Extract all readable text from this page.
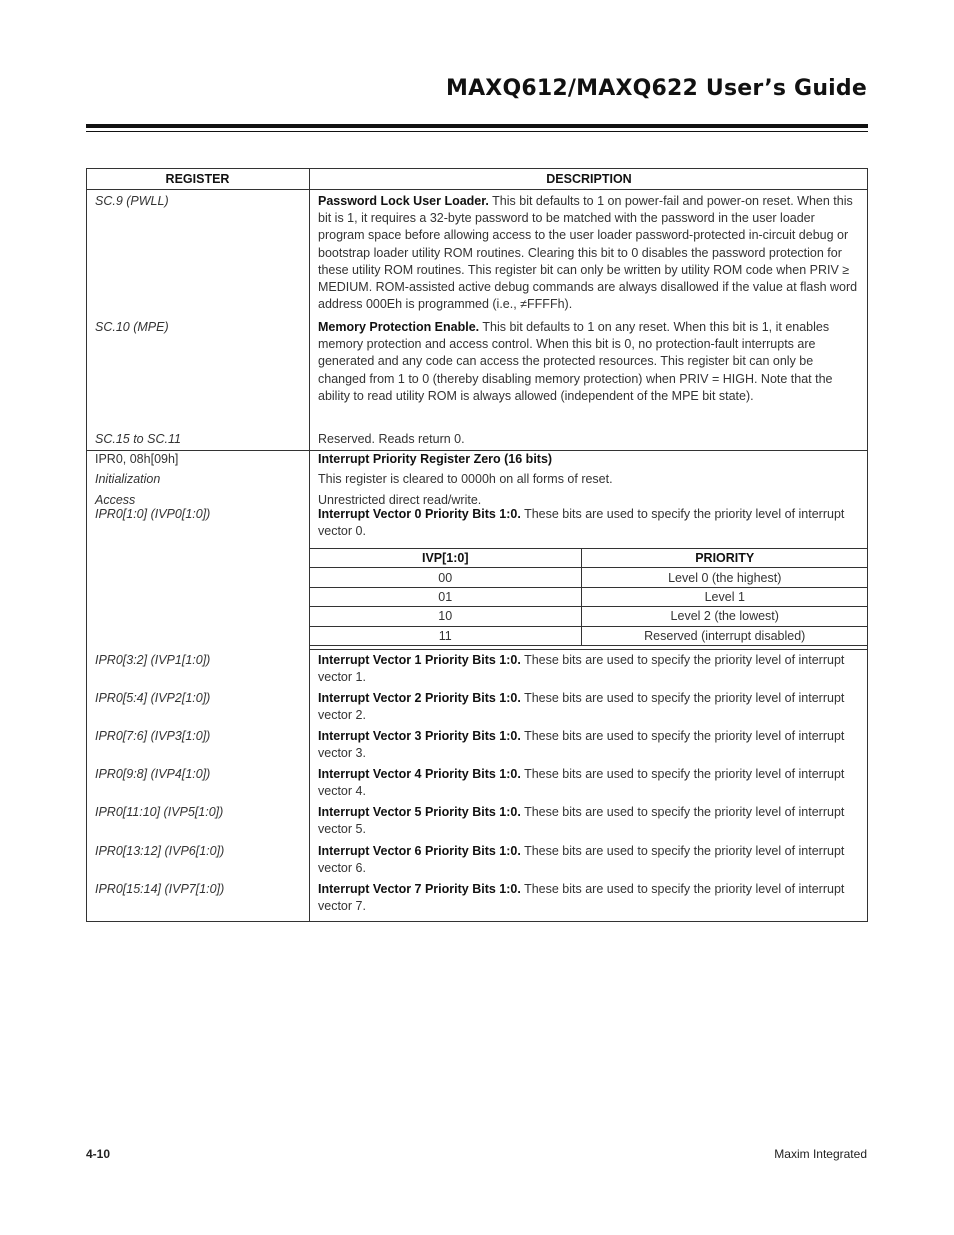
MAXQ612/MAXQ622 User’s Guide
REGISTER	DESCRIPTION
SC.9 (PWLL)	Password Lock User Loader. This bit defaults to 1 on power-fail and power-on reset. When this bit is 1, it requires a 32-byte password to be matched with the password in the user loader program space before allowing access to the user loader password-protected in-circuit debug or bootstrap loader utility ROM routines. Clearing this bit to 0 disables the password protection for these utility ROM routines. This register bit can only be written by utility ROM code when PRIV ≥ MEDIUM. ROM-assisted active debug commands are always disallowed if the value at flash word address 000Eh is programmed (i.e., ≠FFFFh).
SC.10 (MPE)	Memory Protection Enable. This bit defaults to 1 on any reset. When this bit is 1, it enables memory protection and access control. When this bit is 0, no protection-fault interrupts are generated and any code can access the protected resources. This register bit can only be changed from 1 to 0 (thereby disabling memory protection) when PRIV = HIGH. Note that the ability to read utility ROM is always allowed (independent of the MPE bit state).
SC.15 to SC.11	Reserved. Reads return 0.
IPR0, 08h[09h]	Interrupt Priority Register Zero (16 bits)
Initialization	This register is cleared to 0000h on all forms of reset.
Access	Unrestricted direct read/write.
IPR0[1:0] (IVP0[1:0])	Interrupt Vector 0 Priority Bits 1:0. These bits are used to specify the priority level of interrupt vector 0.
IVP[1:0]	PRIORITY
00	Level 0 (the highest)
01	Level 1
10	Level 2 (the lowest)
11	Reserved (interrupt disabled)
IPR0[3:2] (IVP1[1:0])	Interrupt Vector 1 Priority Bits 1:0. These bits are used to specify the priority level of interrupt vector 1.
IPR0[5:4] (IVP2[1:0])	Interrupt Vector 2 Priority Bits 1:0. These bits are used to specify the priority level of interrupt vector 2.
IPR0[7:6] (IVP3[1:0])	Interrupt Vector 3 Priority Bits 1:0. These bits are used to specify the priority level of interrupt vector 3.
IPR0[9:8] (IVP4[1:0])	Interrupt Vector 4 Priority Bits 1:0. These bits are used to specify the priority level of interrupt vector 4.
IPR0[11:10] (IVP5[1:0])	Interrupt Vector 5 Priority Bits 1:0. These bits are used to specify the priority level of interrupt vector 5.
IPR0[13:12] (IVP6[1:0])	Interrupt Vector 6 Priority Bits 1:0. These bits are used to specify the priority level of interrupt vector 6.
IPR0[15:14] (IVP7[1:0])	Interrupt Vector 7 Priority Bits 1:0. These bits are used to specify the priority level of interrupt vector 7.
4-10	Maxim Integrated
